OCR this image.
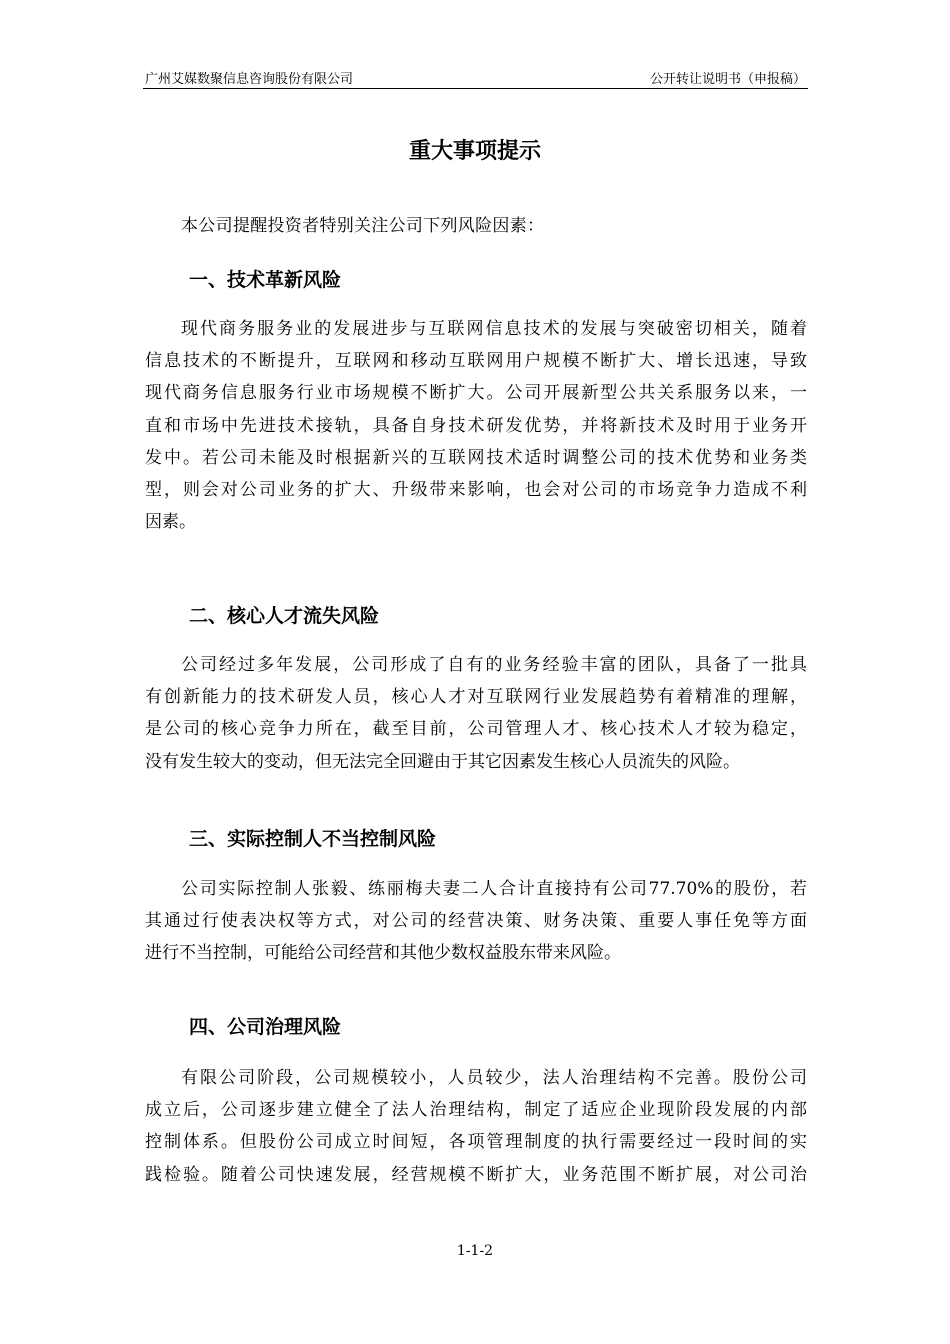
广州艾媒数聚信息咨询股份有限公司	公开转让说明书（申报稿）
重大事项提示
本公司提醒投资者特别关注公司下列风险因素：
一、技术革新风险
现代商务服务业的发展进步与互联网信息技术的发展与突破密切相关，随着
信息技术的不断提升，互联网和移动互联网用户规模不断扩大、增长迅速，导致
现代商务信息服务行业市场规模不断扩大。公司开展新型公共关系服务以来，一
直和市场中先进技术接轨，具备自身技术研发优势，并将新技术及时用于业务开
发中。若公司未能及时根据新兴的互联网技术适时调整公司的技术优势和业务类
型，则会对公司业务的扩大、升级带来影响，也会对公司的市场竞争力造成不利
因素。
二、核心人才流失风险
公司经过多年发展，公司形成了自有的业务经验丰富的团队，具备了一批具
有创新能力的技术研发人员，核心人才对互联网行业发展趋势有着精准的理解，
是公司的核心竞争力所在，截至目前，公司管理人才、核心技术人才较为稳定，
没有发生较大的变动，但无法完全回避由于其它因素发生核心人员流失的风险。
三、实际控制人不当控制风险
公司实际控制人张毅、练丽梅夫妻二人合计直接持有公司77.70%的股份，若
其通过行使表决权等方式，对公司的经营决策、财务决策、重要人事任免等方面
进行不当控制，可能给公司经营和其他少数权益股东带来风险。
四、公司治理风险
有限公司阶段，公司规模较小，人员较少，法人治理结构不完善。股份公司
成立后，公司逐步建立健全了法人治理结构，制定了适应企业现阶段发展的内部
控制体系。但股份公司成立时间短，各项管理制度的执行需要经过一段时间的实
践检验。随着公司快速发展，经营规模不断扩大，业务范围不断扩展，对公司治
1-1-2
